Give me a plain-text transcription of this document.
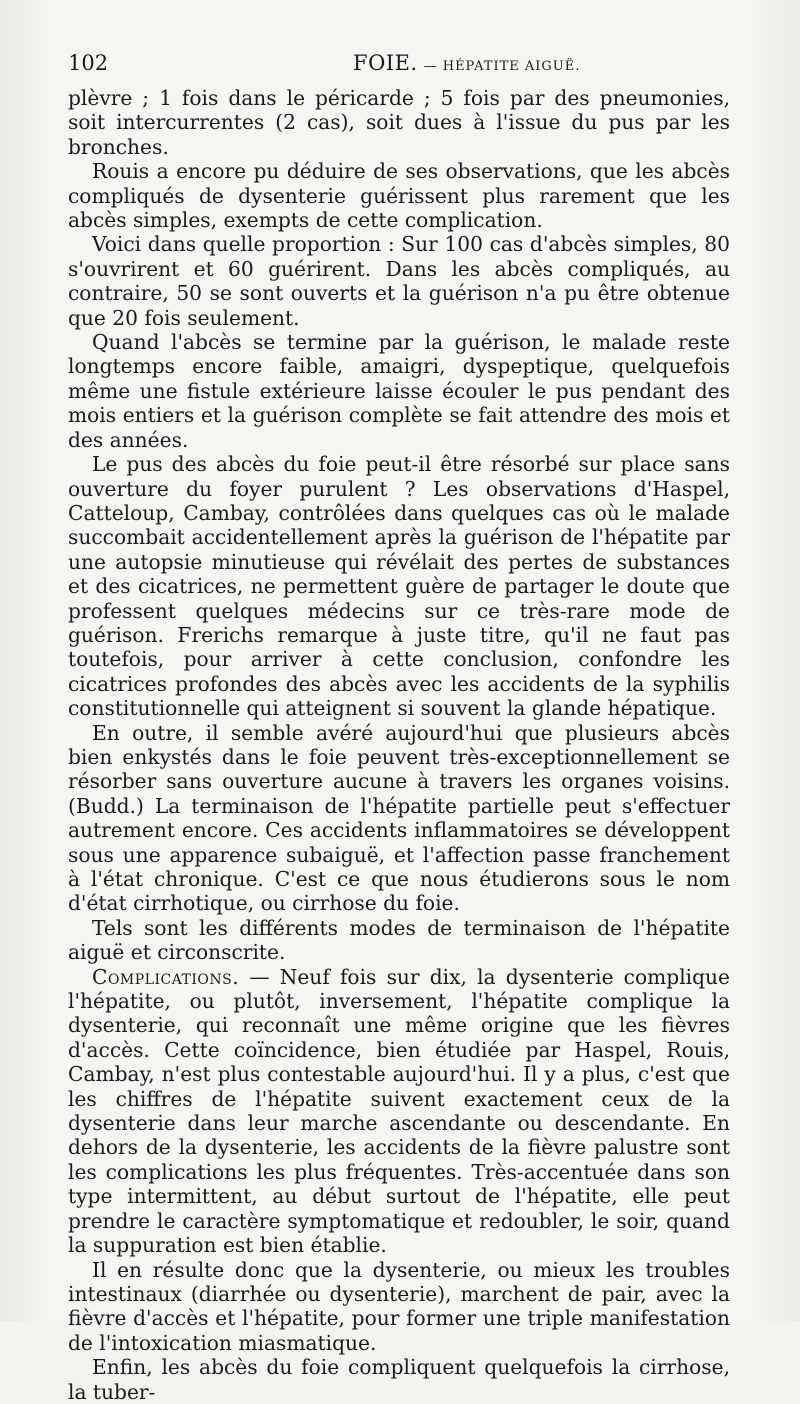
102	FOIE. — HÉPATITE AIGUË.

plèvre ; 1 fois dans le péricarde ; 5 fois par des pneumonies, soit intercurrentes (2 cas), soit dues à l'issue du pus par les bronches.

Rouis a encore pu déduire de ses observations, que les abcès compliqués de dysenterie guérissent plus rarement que les abcès simples, exempts de cette complication.

Voici dans quelle proportion : Sur 100 cas d'abcès simples, 80 s'ouvrirent et 60 guérirent. Dans les abcès compliqués, au contraire, 50 se sont ouverts et la guérison n'a pu être obtenue que 20 fois seulement.

Quand l'abcès se termine par la guérison, le malade reste longtemps encore faible, amaigri, dyspeptique, quelquefois même une fistule extérieure laisse écouler le pus pendant des mois entiers et la guérison complète se fait attendre des mois et des années.

Le pus des abcès du foie peut-il être résorbé sur place sans ouverture du foyer purulent ? Les observations d'Haspel, Catteloup, Cambay, contrôlées dans quelques cas où le malade succombait accidentellement après la guérison de l'hépatite par une autopsie minutieuse qui révélait des pertes de substances et des cicatrices, ne permettent guère de partager le doute que professent quelques médecins sur ce très-rare mode de guérison. Frerichs remarque à juste titre, qu'il ne faut pas toutefois, pour arriver à cette conclusion, confondre les cicatrices profondes des abcès avec les accidents de la syphilis constitutionnelle qui atteignent si souvent la glande hépatique.

En outre, il semble avéré aujourd'hui que plusieurs abcès bien enkystés dans le foie peuvent très-exceptionnellement se résorber sans ouverture aucune à travers les organes voisins. (Budd.) La terminaison de l'hépatite partielle peut s'effectuer autrement encore. Ces accidents inflammatoires se développent sous une apparence subaiguë, et l'affection passe franchement à l'état chronique. C'est ce que nous étudierons sous le nom d'état cirrhotique, ou cirrhose du foie.

Tels sont les différents modes de terminaison de l'hépatite aiguë et circonscrite.

Complications. — Neuf fois sur dix, la dysenterie complique l'hépatite, ou plutôt, inversement, l'hépatite complique la dysenterie, qui reconnaît une même origine que les fièvres d'accès. Cette coïncidence, bien étudiée par Haspel, Rouis, Cambay, n'est plus contestable aujourd'hui. Il y a plus, c'est que les chiffres de l'hépatite suivent exactement ceux de la dysenterie dans leur marche ascendante ou descendante. En dehors de la dysenterie, les accidents de la fièvre palustre sont les complications les plus fréquentes. Très-accentuée dans son type intermittent, au début surtout de l'hépatite, elle peut prendre le caractère symptomatique et redoubler, le soir, quand la suppuration est bien établie.

Il en résulte donc que la dysenterie, ou mieux les troubles intestinaux (diarrhée ou dysenterie), marchent de pair, avec la fièvre d'accès et l'hépatite, pour former une triple manifestation de l'intoxication miasmatique.

Enfin, les abcès du foie compliquent quelquefois la cirrhose, la tuber-
